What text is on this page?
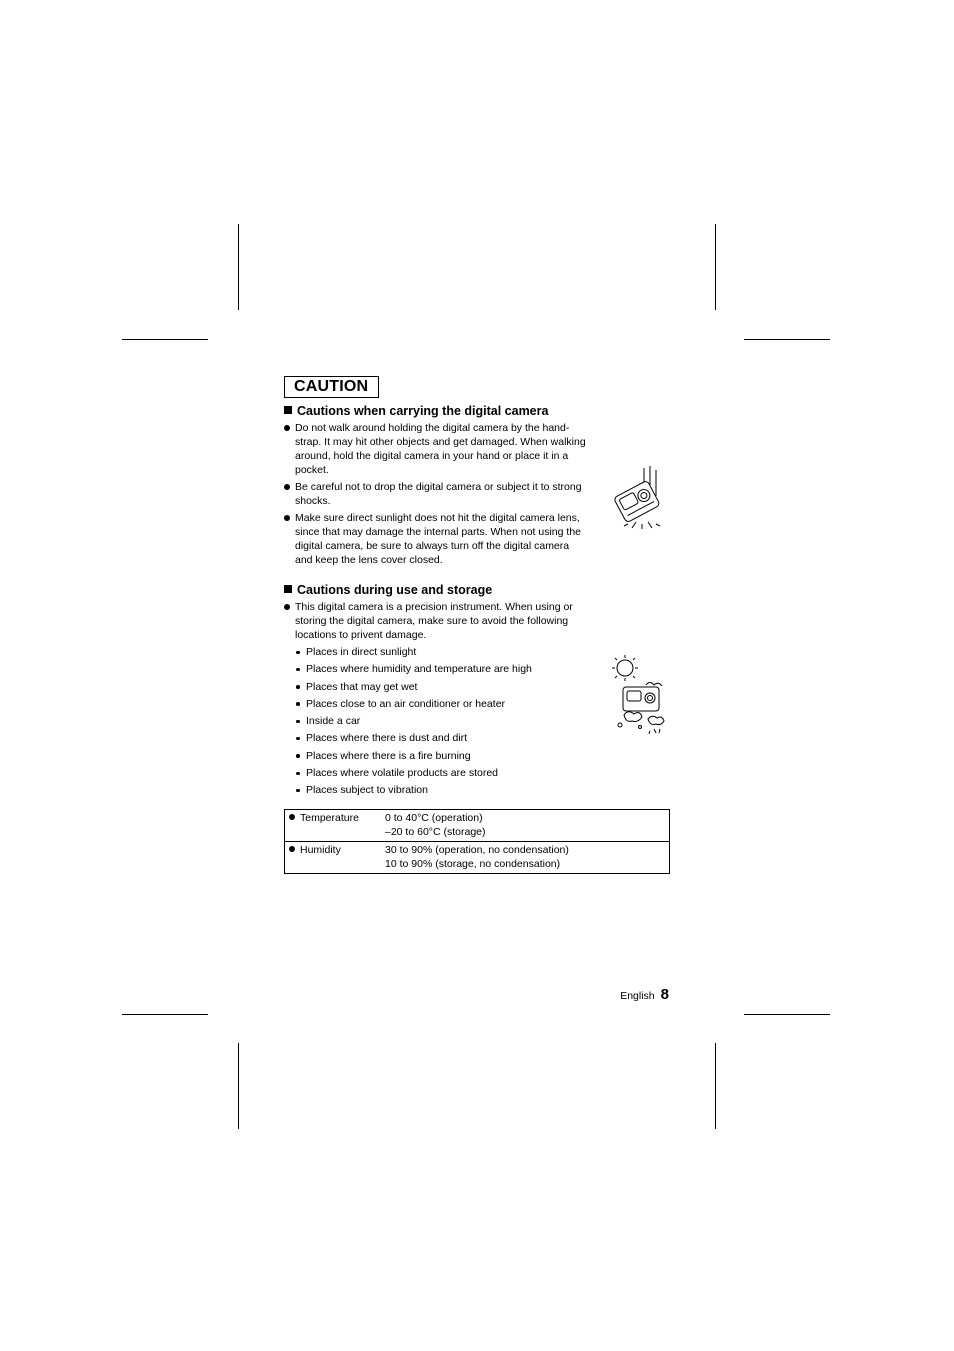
CAUTION
Cautions when carrying the digital camera
Do not walk around holding the digital camera by the hand-strap. It may hit other objects and get damaged. When walking around, hold the digital camera in your hand or place it in a pocket.
Be careful not to drop the digital camera or subject it to strong shocks.
Make sure direct sunlight does not hit the digital camera lens, since that may damage the internal parts. When not using the digital camera, be sure to always turn off the digital camera and keep the lens cover closed.
Cautions during use and storage
This digital camera is a precision instrument. When using or storing the digital camera, make sure to avoid the following locations to privent damage.
Places in direct sunlight
Places where humidity and temperature are high
Places that may get wet
Places close to an air conditioner or heater
Inside a car
Places where there is dust and dirt
Places where there is a fire burning
Places where volatile products are stored
Places subject to vibration
Temperature	0 to 40°C (operation)
–20 to 60°C (storage)

Humidity	30 to 90% (operation, no condensation)
10 to 90% (storage, no condensation)
English 8
